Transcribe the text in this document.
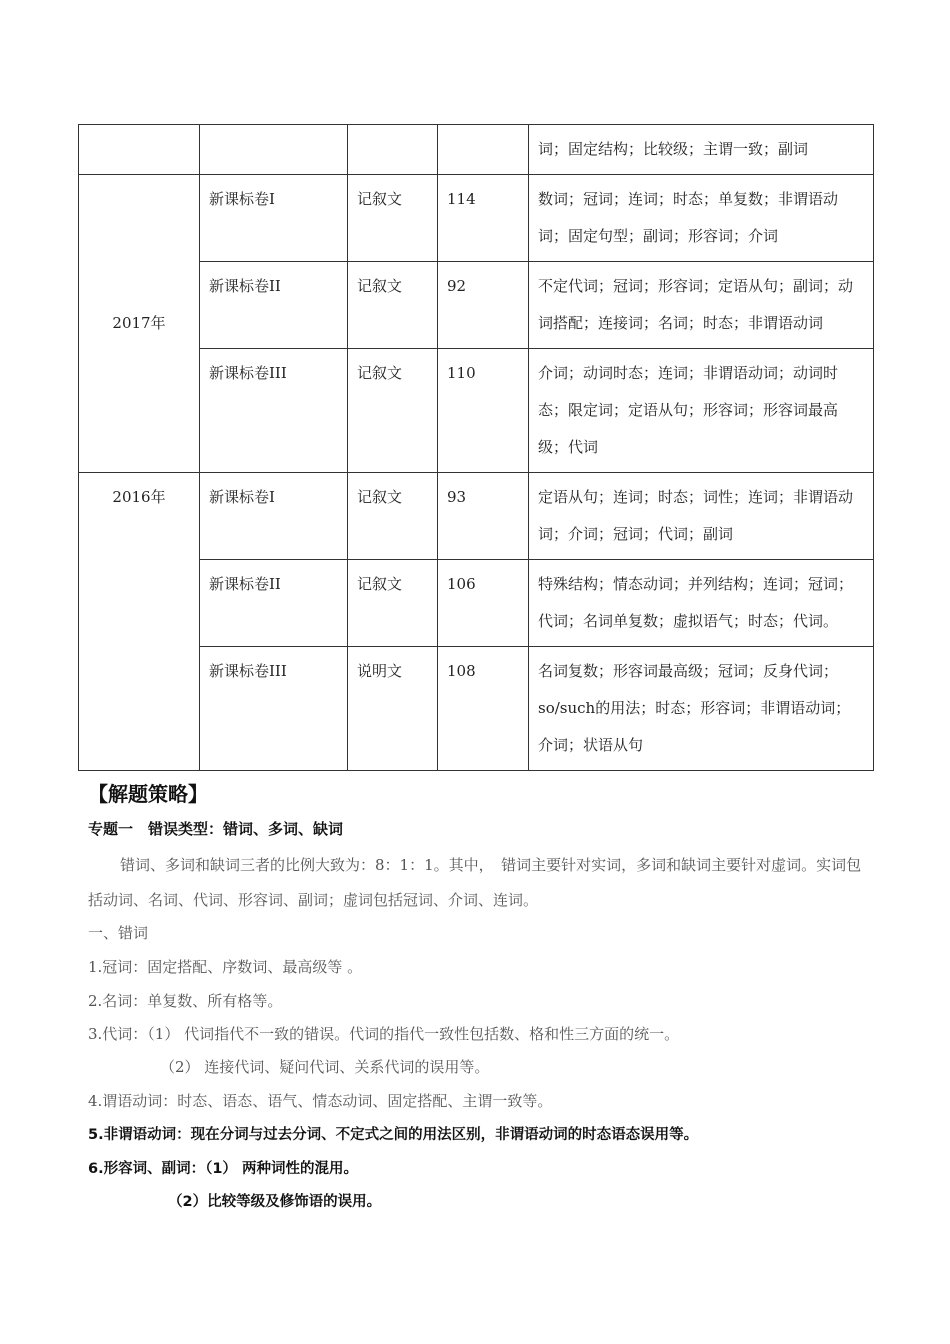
				词；固定结构；比较级；主谓一致；副词
2017年	新课标卷I	记叙文	114	数词；冠词；连词；时态；单复数；非谓语动词；固定句型；副词；形容词；介词
	新课标卷II	记叙文	92	不定代词；冠词；形容词；定语从句；副词；动词搭配；连接词；名词；时态；非谓语动词
	新课标卷III	记叙文	110	介词；动词时态；连词；非谓语动词；动词时态；限定词；定语从句；形容词；形容词最高级；代词
2016年	新课标卷I	记叙文	93	定语从句；连词；时态；词性；连词；非谓语动词；介词；冠词；代词；副词
	新课标卷II	记叙文	106	特殊结构；情态动词；并列结构；连词；冠词；代词；名词单复数；虚拟语气；时态；代词。
	新课标卷III	说明文	108	名词复数；形容词最高级；冠词；反身代词；so/such的用法；时态；形容词；非谓语动词；介词；状语从句
【解题策略】
专题一　错误类型：错词、多词、缺词
错词、多词和缺词三者的比例大致为：8：1：1。其中，　错词主要针对实词，多词和缺词主要针对虚词。实词包括动词、名词、代词、形容词、副词；虚词包括冠词、介词、连词。
一、错词
1.冠词：固定搭配、序数词、最高级等 。
2.名词：单复数、所有格等。
3.代词：（1） 代词指代不一致的错误。代词的指代一致性包括数、格和性三方面的统一。
（2） 连接代词、疑问代词、关系代词的误用等。
4.谓语动词：时态、语态、语气、情态动词、固定搭配、主谓一致等。
5.非谓语动词：现在分词与过去分词、不定式之间的用法区别，非谓语动词的时态语态误用等。
6.形容词、副词：（1） 两种词性的混用。
（2）比较等级及修饰语的误用。
